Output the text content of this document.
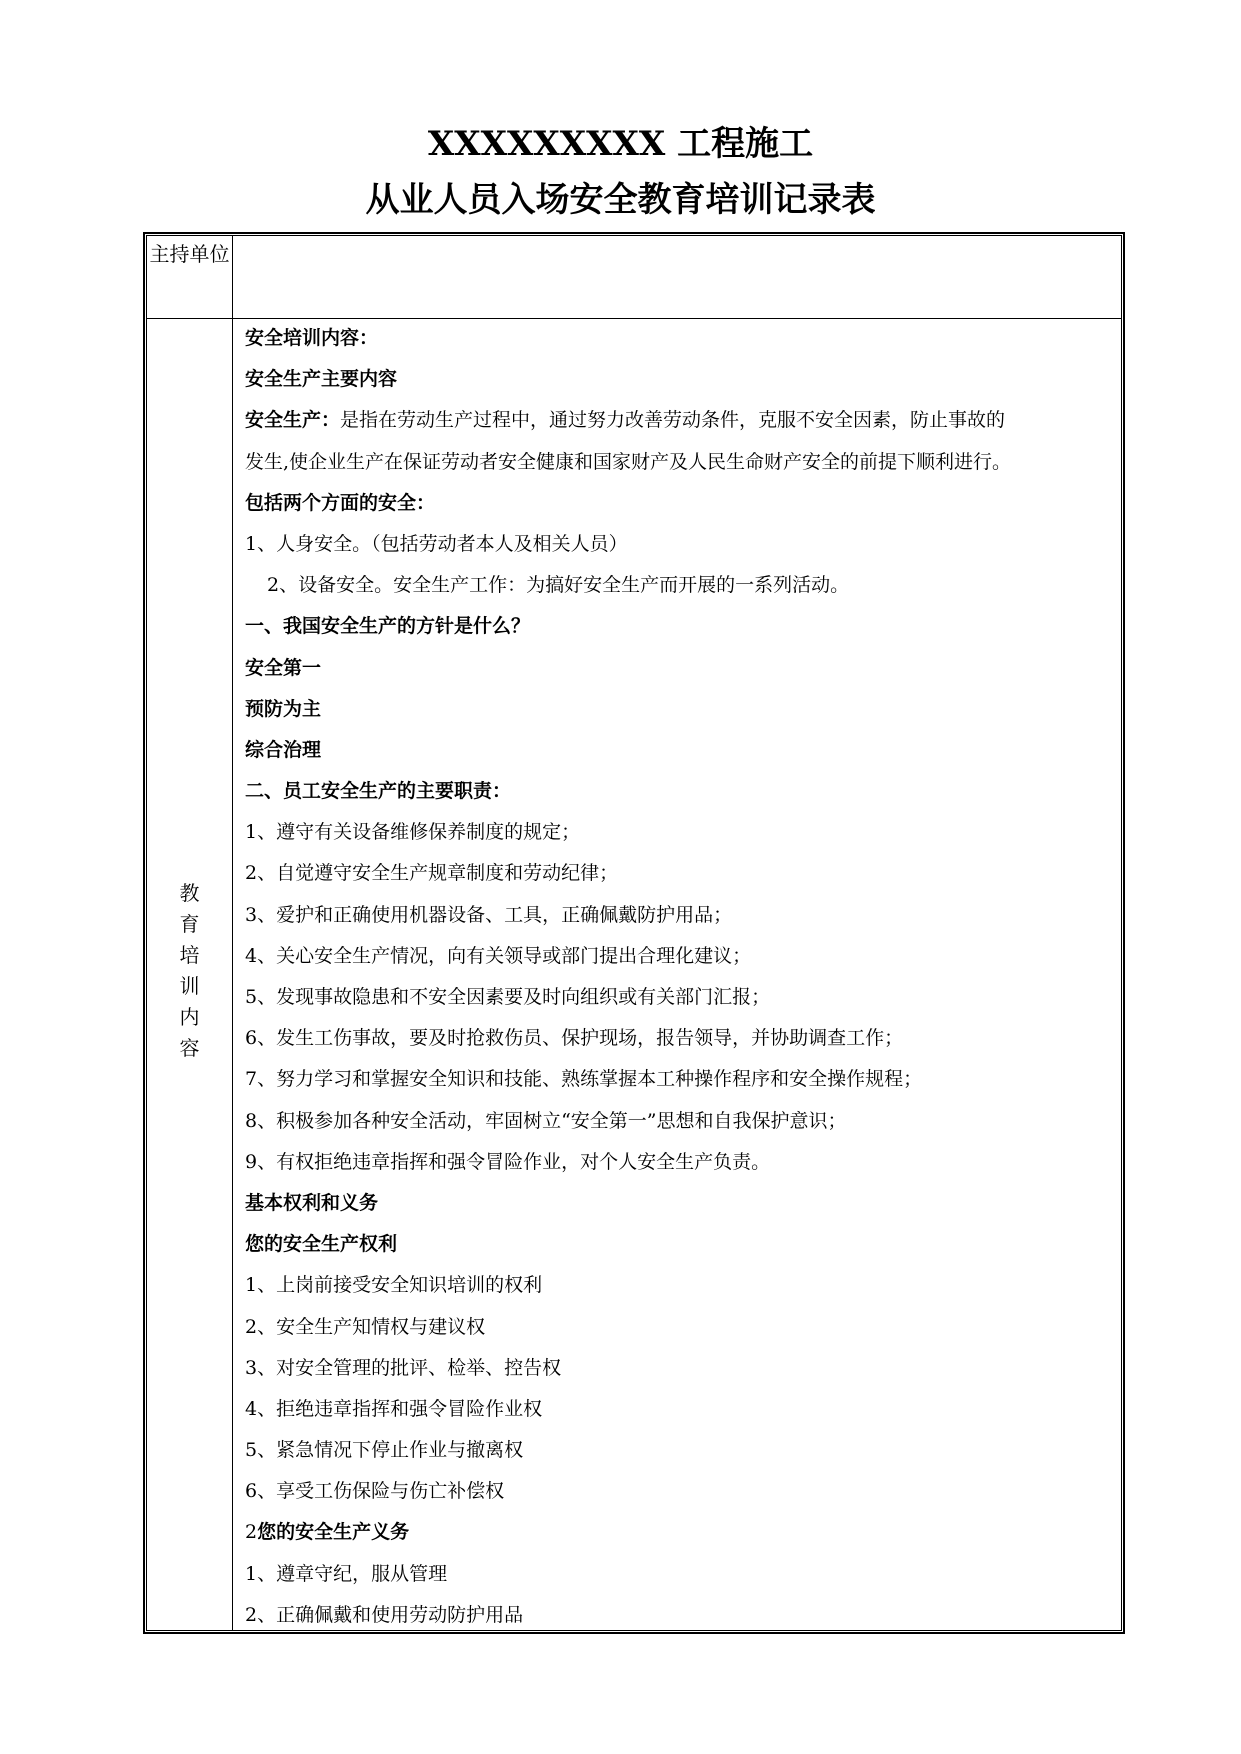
XXXXXXXXX 工程施工
从业人员入场安全教育培训记录表
主持单位
教
育
培
训
内
容
安全培训内容：
安全生产主要内容
安全生产：是指在劳动生产过程中，通过努力改善劳动条件，克服不安全因素，防止事故的
发生,使企业生产在保证劳动者安全健康和国家财产及人民生命财产安全的前提下顺利进行。
包括两个方面的安全：
1、人身安全。（包括劳动者本人及相关人员）
2、设备安全。安全生产工作：为搞好安全生产而开展的一系列活动。
一、我国安全生产的方针是什么？
安全第一
预防为主
综合治理
二、员工安全生产的主要职责：
1、遵守有关设备维修保养制度的规定；
2、自觉遵守安全生产规章制度和劳动纪律；
3、爱护和正确使用机器设备、工具，正确佩戴防护用品；
4、关心安全生产情况，向有关领导或部门提出合理化建议；
5、发现事故隐患和不安全因素要及时向组织或有关部门汇报；
6、发生工伤事故，要及时抢救伤员、保护现场，报告领导，并协助调查工作；
7、努力学习和掌握安全知识和技能、熟练掌握本工种操作程序和安全操作规程；
8、积极参加各种安全活动，牢固树立“安全第一”思想和自我保护意识；
9、有权拒绝违章指挥和强令冒险作业，对个人安全生产负责。
基本权利和义务
您的安全生产权利
1、上岗前接受安全知识培训的权利
2、安全生产知情权与建议权
3、对安全管理的批评、检举、控告权
4、拒绝违章指挥和强令冒险作业权
5、紧急情况下停止作业与撤离权
6、享受工伤保险与伤亡补偿权
2您的安全生产义务
1、遵章守纪，服从管理
2、正确佩戴和使用劳动防护用品
